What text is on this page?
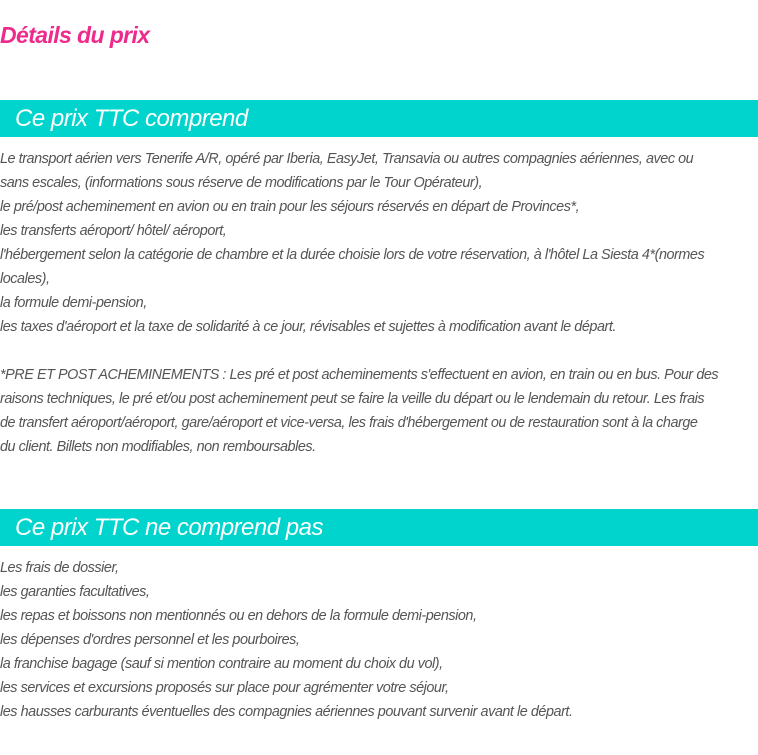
Détails du prix
Ce prix TTC comprend
Le transport aérien vers Tenerife A/R, opéré par Iberia, EasyJet, Transavia ou autres compagnies aériennes, avec ou
sans escales, (informations sous réserve de modifications par le Tour Opérateur),
le pré/post acheminement en avion ou en train pour les séjours réservés en départ de Provinces*,
les transferts aéroport/ hôtel/ aéroport,
l'hébergement selon la catégorie de chambre et la durée choisie lors de votre réservation, à l'hôtel La Siesta 4*(normes
locales),
la formule demi-pension,
les taxes d'aéroport et la taxe de solidarité à ce jour, révisables et sujettes à modification avant le départ.
*PRE ET POST ACHEMINEMENTS : Les pré et post acheminements s'effectuent en avion, en train ou en bus. Pour des
raisons techniques, le pré et/ou post acheminement peut se faire la veille du départ ou le lendemain du retour. Les frais
de transfert aéroport/aéroport, gare/aéroport et vice-versa, les frais d'hébergement ou de restauration sont à la charge
du client. Billets non modifiables, non remboursables.
Ce prix TTC ne comprend pas
Les frais de dossier,
les garanties facultatives,
les repas et boissons non mentionnés ou en dehors de la formule demi-pension,
les dépenses d'ordres personnel et les pourboires,
la franchise bagage (sauf si mention contraire au moment du choix du vol),
les services et excursions proposés sur place pour agrémenter votre séjour,
les hausses carburants éventuelles des compagnies aériennes pouvant survenir avant le départ.
